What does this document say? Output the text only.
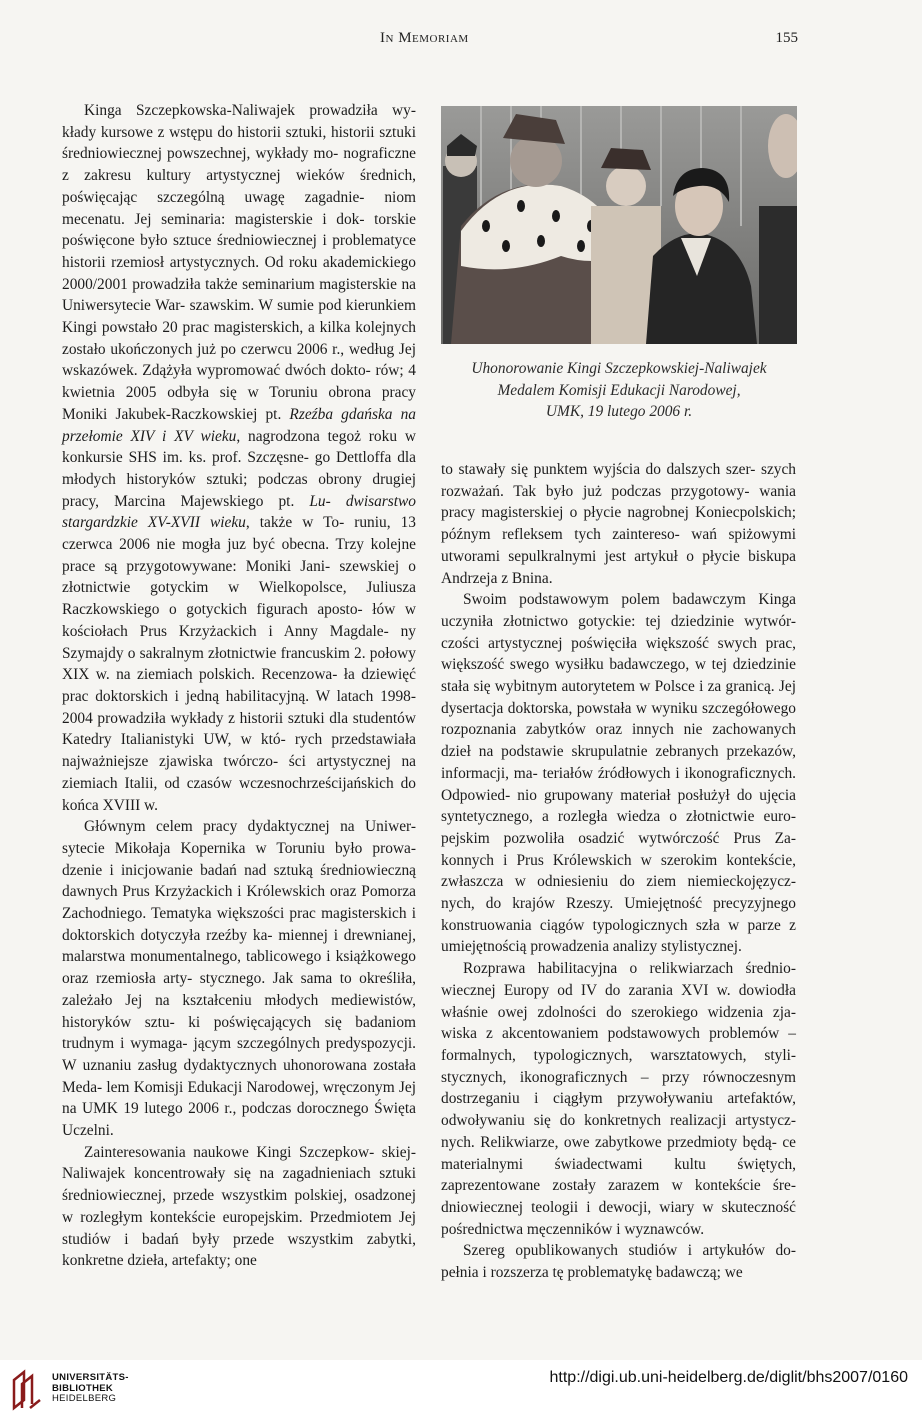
In Memoriam	155

Kinga Szczepkowska-Naliwajek prowadziła wy- kłady kursowe z wstępu do historii sztuki, historii sztuki średniowiecznej powszechnej, wykłady mo- nograficzne z zakresu kultury artystycznej wieków średnich, poświęcając szczególną uwagę zagadnie- niom mecenatu. Jej seminaria: magisterskie i dok- torskie poświęcone było sztuce średniowiecznej i problematyce historii rzemiosł artystycznych. Od roku akademickiego 2000/2001 prowadziła także seminarium magisterskie na Uniwersytecie War- szawskim. W sumie pod kierunkiem Kingi powstało 20 prac magisterskich, a kilka kolejnych zostało ukończonych już po czerwcu 2006 r., według Jej wskazówek. Zdążyła wypromować dwóch dokto- rów; 4 kwietnia 2005 odbyła się w Toruniu obrona pracy Moniki Jakubek-Raczkowskiej pt. Rzeźba gdańska na przełomie XIV i XV wieku, nagrodzona tegoż roku w konkursie SHS im. ks. prof. Szczęsne- go Dettloffa dla młodych historyków sztuki; podczas obrony drugiej pracy, Marcina Majewskiego pt. Lu- dwisarstwo stargardzkie XV-XVII wieku, także w To- runiu, 13 czerwca 2006 nie mogła juz być obecna. Trzy kolejne prace są przygotowywane: Moniki Jani- szewskiej o złotnictwie gotyckim w Wielkopolsce, Juliusza Raczkowskiego o gotyckich figurach aposto- łów w kościołach Prus Krzyżackich i Anny Magdale- ny Szymajdy o sakralnym złotnictwie francuskim 2. połowy XIX w. na ziemiach polskich. Recenzowa- ła dziewięć prac doktorskich i jedną habilitacyjną. W latach 1998-2004 prowadziła wykłady z historii sztuki dla studentów Katedry Italianistyki UW, w któ- rych przedstawiała najważniejsze zjawiska twórczo- ści artystycznej na ziemiach Italii, od czasów wczesnochrześcijańskich do końca XVIII w.

Głównym celem pracy dydaktycznej na Uniwer- sytecie Mikołaja Kopernika w Toruniu było prowa- dzenie i inicjowanie badań nad sztuką średniowieczną dawnych Prus Krzyżackich i Królewskich oraz Pomorza Zachodniego. Tematyka większości prac magisterskich i doktorskich dotyczyła rzeźby ka- miennej i drewnianej, malarstwa monumentalnego, tablicowego i książkowego oraz rzemiosła arty- stycznego. Jak sama to określiła, zależało Jej na kształceniu młodych mediewistów, historyków sztu- ki poświęcających się badaniom trudnym i wymaga- jącym szczególnych predyspozycji. W uznaniu zasług dydaktycznych uhonorowana została Meda- lem Komisji Edukacji Narodowej, wręczonym Jej na UMK 19 lutego 2006 r., podczas dorocznego Święta Uczelni.

Zainteresowania naukowe Kingi Szczepkow- skiej-Naliwajek koncentrowały się na zagadnieniach sztuki średniowiecznej, przede wszystkim polskiej, osadzonej w rozległym kontekście europejskim. Przedmiotem Jej studiów i badań były przede wszystkim zabytki, konkretne dzieła, artefakty; one

Uhonorowanie Kingi Szczepkowskiej-Naliwajek
Medalem Komisji Edukacji Narodowej,
UMK, 19 lutego 2006 r.

to stawały się punktem wyjścia do dalszych szer- szych rozważań. Tak było już podczas przygotowy- wania pracy magisterskiej o płycie nagrobnej Koniecpolskich; późnym refleksem tych zaintereso- wań spiżowymi utworami sepulkralnymi jest artykuł o płycie biskupa Andrzeja z Bnina.

Swoim podstawowym polem badawczym Kinga uczyniła złotnictwo gotyckie: tej dziedzinie wytwór- czości artystycznej poświęciła większość swych prac, większość swego wysiłku badawczego, w tej dziedzinie stała się wybitnym autorytetem w Polsce i za granicą. Jej dysertacja doktorska, powstała w wyniku szczegółowego rozpoznania zabytków oraz innych nie zachowanych dzieł na podstawie skrupulatnie zebranych przekazów, informacji, ma- teriałów źródłowych i ikonograficznych. Odpowied- nio grupowany materiał posłużył do ujęcia syntetycznego, a rozległa wiedza o złotnictwie euro- pejskim pozwoliła osadzić wytwórczość Prus Za- konnych i Prus Królewskich w szerokim kontekście, zwłaszcza w odniesieniu do ziem niemieckojęzycz- nych, do krajów Rzeszy. Umiejętność precyzyjnego konstruowania ciągów typologicznych szła w parze z umiejętnością prowadzenia analizy stylistycznej.

Rozprawa habilitacyjna o relikwiarzach średnio- wiecznej Europy od IV do zarania XVI w. dowiodła właśnie owej zdolności do szerokiego widzenia zja- wiska z akcentowaniem podstawowych problemów – formalnych, typologicznych, warsztatowych, styli- stycznych, ikonograficznych – przy równoczesnym dostrzeganiu i ciągłym przywoływaniu artefaktów, odwoływaniu się do konkretnych realizacji artystycz- nych. Relikwiarze, owe zabytkowe przedmioty będą- ce materialnymi świadectwami kultu świętych, zaprezentowane zostały zarazem w kontekście śre- dniowiecznej teologii i dewocji, wiary w skuteczność pośrednictwa męczenników i wyznawców.

Szereg opublikowanych studiów i artykułów do- pełnia i rozszerza tę problematykę badawczą; we

UNIVERSITÄTS-
BIBLIOTHEK
HEIDELBERG
http://digi.ub.uni-heidelberg.de/diglit/bhs2007/0160
